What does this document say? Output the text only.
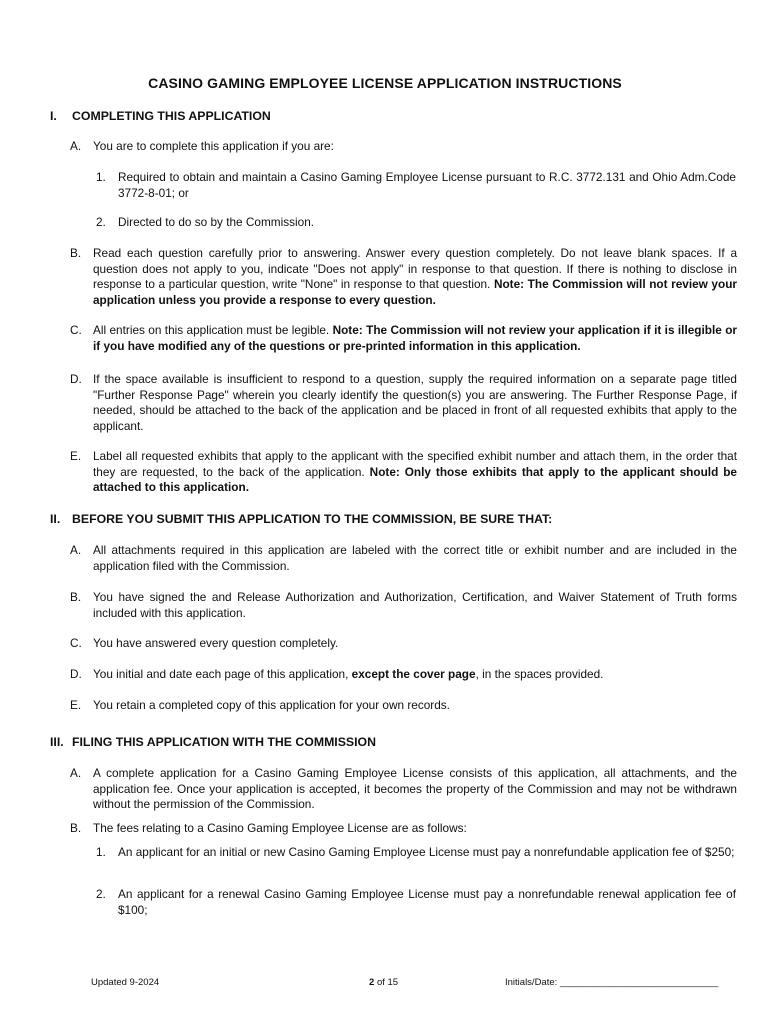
CASINO GAMING EMPLOYEE LICENSE APPLICATION INSTRUCTIONS
I. COMPLETING THIS APPLICATION
A. You are to complete this application if you are:

1. Required to obtain and maintain a Casino Gaming Employee License pursuant to R.C. 3772.131 and Ohio Adm.Code 3772-8-01; or

2. Directed to do so by the Commission.

B. Read each question carefully prior to answering. Answer every question completely. Do not leave blank spaces. If a question does not apply to you, indicate "Does not apply" in response to that question. If there is nothing to disclose in response to a particular question, write "None" in response to that question. Note: The Commission will not review your application unless you provide a response to every question.

C. All entries on this application must be legible. Note: The Commission will not review your application if it is illegible or if you have modified any of the questions or pre-printed information in this application.

D. If the space available is insufficient to respond to a question, supply the required information on a separate page titled "Further Response Page" wherein you clearly identify the question(s) you are answering. The Further Response Page, if needed, should be attached to the back of the application and be placed in front of all requested exhibits that apply to the applicant.

E. Label all requested exhibits that apply to the applicant with the specified exhibit number and attach them, in the order that they are requested, to the back of the application. Note: Only those exhibits that apply to the applicant should be attached to this application.

II. BEFORE YOU SUBMIT THIS APPLICATION TO THE COMMISSION, BE SURE THAT:
A. All attachments required in this application are labeled with the correct title or exhibit number and are included in the application filed with the Commission.

B. You have signed the and Release Authorization and Authorization, Certification, and Waiver Statement of Truth forms included with this application.

C. You have answered every question completely.

D. You initial and date each page of this application, except the cover page, in the spaces provided.

E. You retain a completed copy of this application for your own records.

III. FILING THIS APPLICATION WITH THE COMMISSION
A. A complete application for a Casino Gaming Employee License consists of this application, all attachments, and the application fee. Once your application is accepted, it becomes the property of the Commission and may not be withdrawn without the permission of the Commission.

B. The fees relating to a Casino Gaming Employee License are as follows:

1. An applicant for an initial or new Casino Gaming Employee License must pay a nonrefundable application fee of $250;

2. An applicant for a renewal Casino Gaming Employee License must pay a nonrefundable renewal application fee of $100;

Updated 9-2024	2 of 15	Initials/Date: ______________________________
